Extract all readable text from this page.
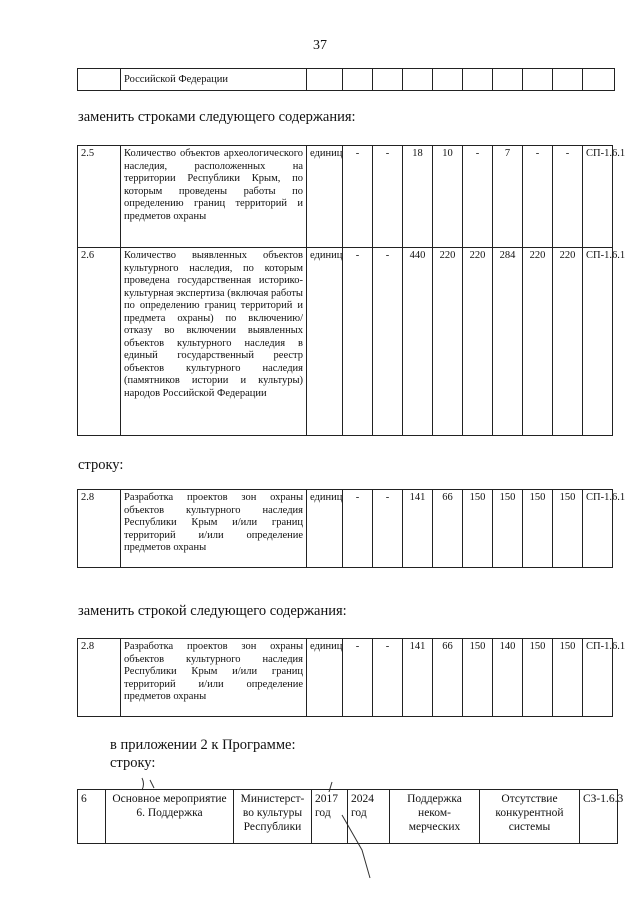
37
	Российской Федерации										
заменить строками следующего содержания:
2.5	Количество объектов археологического наследия, расположенных на территории Республики Крым, по которым проведены работы по определению границ территорий и предметов охраны	единиц	-	-	18	10	-	7	-	-	СП-1.6.1
2.6	Количество выявленных объектов культурного наследия, по которым проведена государственная историко-культурная экспертиза (включая работы по определению границ территорий и предмета охраны) по включению/отказу во включении выявленных объектов культурного наследия в единый государственный реестр объектов культурного наследия (памятников истории и культуры) народов Российской Федерации	единиц	-	-	440	220	220	284	220	220	СП-1.6.1
строку:
2.8	Разработка проектов зон охраны объектов культурного наследия Республики Крым и/или границ территорий и/или определение предметов охраны	единиц	-	-	141	66	150	150	150	150	СП-1.6.1
заменить строкой следующего содержания:
2.8	Разработка проектов зон охраны объектов культурного наследия Республики Крым и/или границ территорий и/или определение предметов охраны	единиц	-	-	141	66	150	140	150	150	СП-1.6.1
в приложении 2 к Программе:
строку:
6	Основное мероприятие 6. Поддержка	Министерст-во культуры Республики	2017 год	2024 год	Поддержка неком-мерческих	Отсутствие конкурентной системы	СЗ-1.6.3
